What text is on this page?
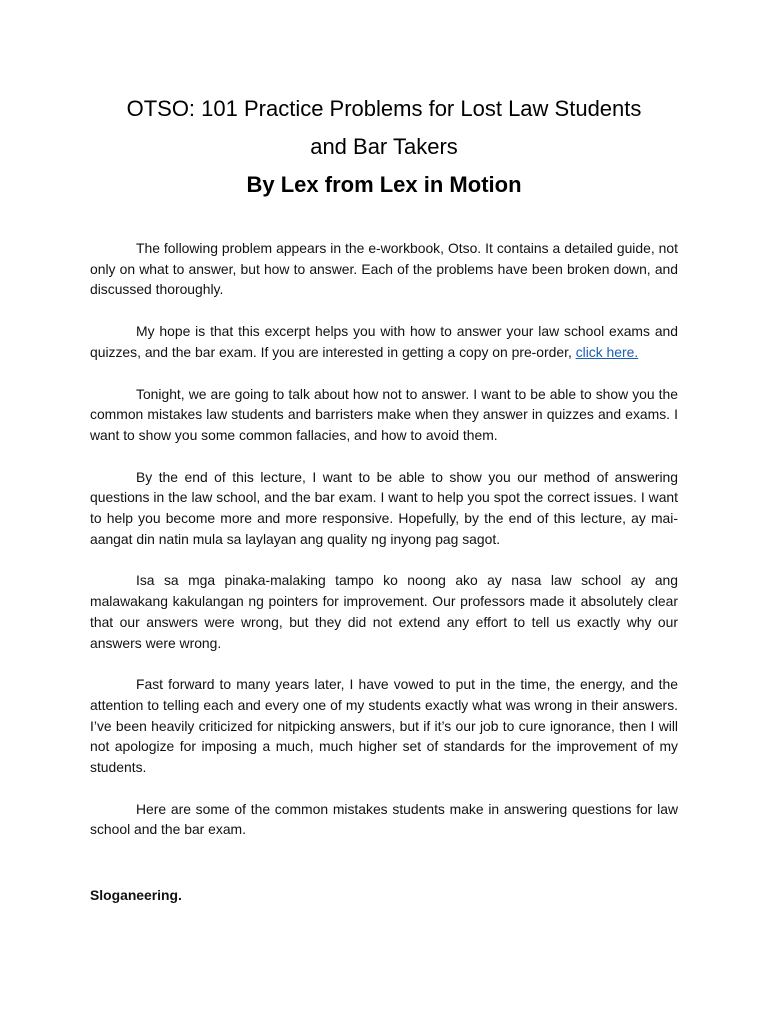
OTSO: 101 Practice Problems for Lost Law Students
and Bar Takers
By Lex from Lex in Motion

The following problem appears in the e-workbook, Otso. It contains a detailed guide, not only on what to answer, but how to answer. Each of the problems have been broken down, and discussed thoroughly.

My hope is that this excerpt helps you with how to answer your law school exams and quizzes, and the bar exam. If you are interested in getting a copy on pre-order, click here.

Tonight, we are going to talk about how not to answer. I want to be able to show you the common mistakes law students and barristers make when they answer in quizzes and exams. I want to show you some common fallacies, and how to avoid them.

By the end of this lecture, I want to be able to show you our method of answering questions in the law school, and the bar exam. I want to help you spot the correct issues. I want to help you become more and more responsive. Hopefully, by the end of this lecture, ay mai-aangat din natin mula sa laylayan ang quality ng inyong pag sagot.

Isa sa mga pinaka-malaking tampo ko noong ako ay nasa law school ay ang malawakang kakulangan ng pointers for improvement. Our professors made it absolutely clear that our answers were wrong, but they did not extend any effort to tell us exactly why our answers were wrong.

Fast forward to many years later, I have vowed to put in the time, the energy, and the attention to telling each and every one of my students exactly what was wrong in their answers. I’ve been heavily criticized for nitpicking answers, but if it’s our job to cure ignorance, then I will not apologize for imposing a much, much higher set of standards for the improvement of my students.

Here are some of the common mistakes students make in answering questions for law school and the bar exam.

Sloganeering.
